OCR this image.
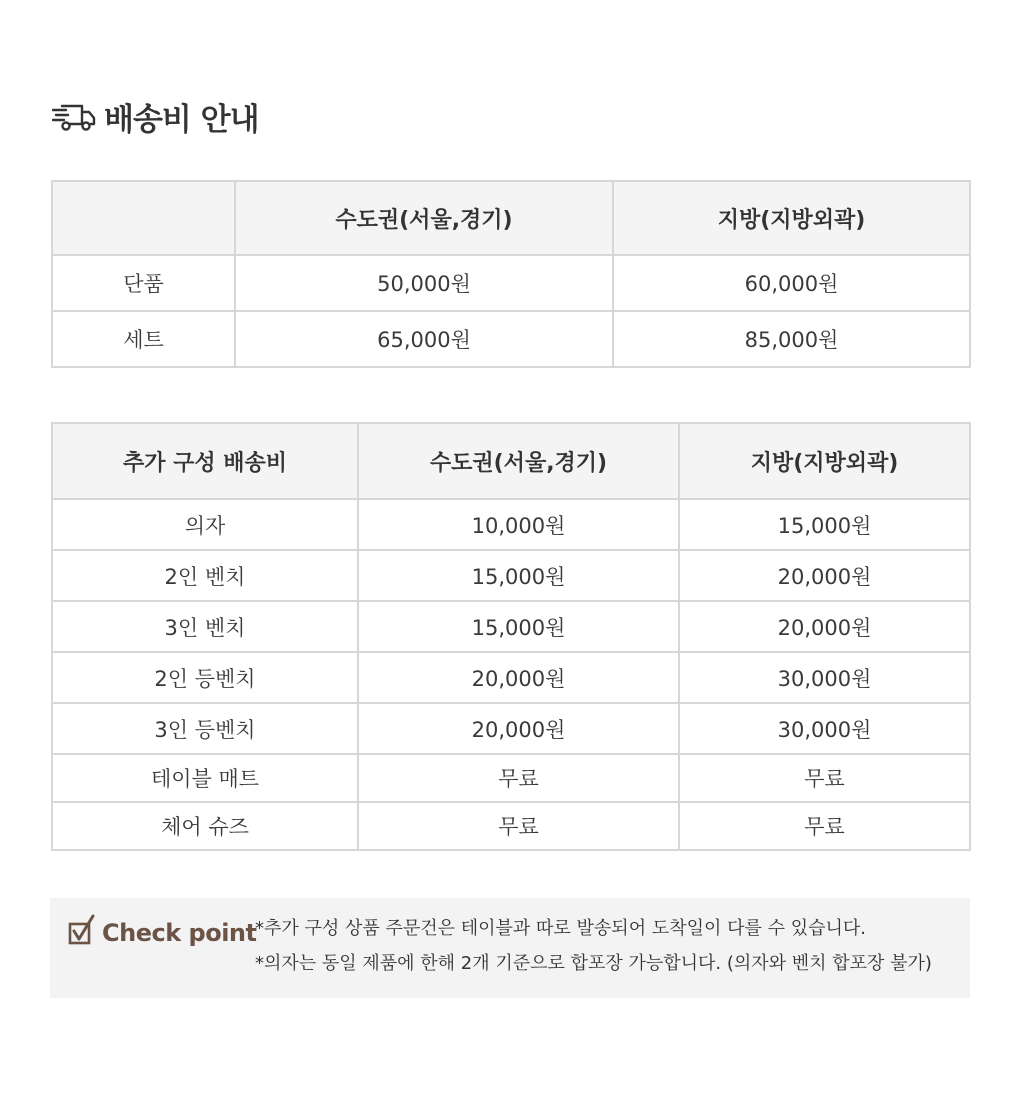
배송비 안내
	수도권(서울,경기)	지방(지방외곽)
단품	50,000원	60,000원
세트	65,000원	85,000원
추가 구성 배송비	수도권(서울,경기)	지방(지방외곽)
의자	10,000원	15,000원
2인 벤치	15,000원	20,000원
3인 벤치	15,000원	20,000원
2인 등벤치	20,000원	30,000원
3인 등벤치	20,000원	30,000원
테이블 매트	무료	무료
체어 슈즈	무료	무료
Check point
*추가 구성 상품 주문건은 테이블과 따로 발송되어 도착일이 다를 수 있습니다.
*의자는 동일 제품에 한해 2개 기준으로 합포장 가능합니다. (의자와 벤치 합포장 불가)
